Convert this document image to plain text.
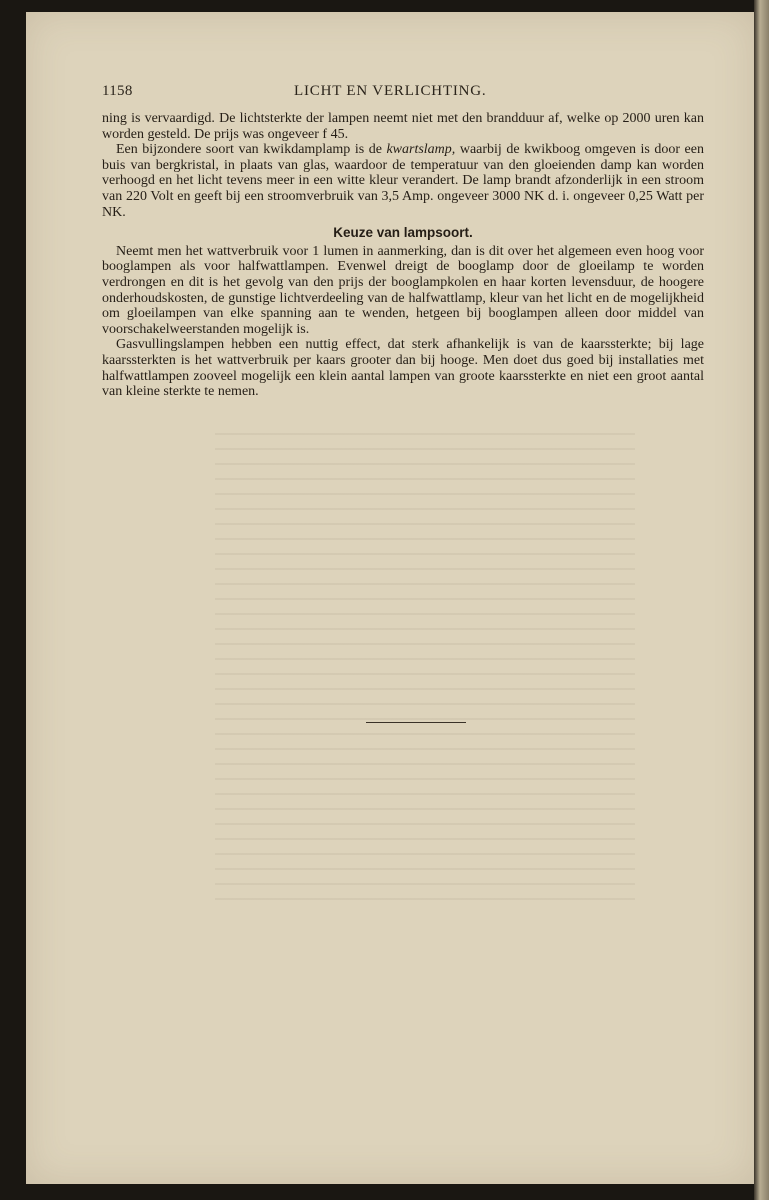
1158	LICHT EN VERLICHTING.

ning is vervaardigd. De lichtsterkte der lampen neemt niet met den brandduur af, welke op 2000 uren kan worden gesteld. De prijs was ongeveer f 45.

Een bijzondere soort van kwikdamplamp is de kwartslamp, waarbij de kwikboog omgeven is door een buis van bergkristal, in plaats van glas, waardoor de temperatuur van den gloeienden damp kan worden verhoogd en het licht tevens meer in een witte kleur verandert. De lamp brandt afzonderlijk in een stroom van 220 Volt en geeft bij een stroomverbruik van 3,5 Amp. ongeveer 3000 NK d. i. ongeveer 0,25 Watt per NK.

Keuze van lampsoort.

Neemt men het wattverbruik voor 1 lumen in aanmerking, dan is dit over het algemeen even hoog voor booglampen als voor halfwattlampen. Evenwel dreigt de booglamp door de gloeilamp te worden verdrongen en dit is het gevolg van den prijs der booglampkolen en haar korten levensduur, de hoogere onderhoudskosten, de gunstige lichtverdeeling van de halfwattlamp, kleur van het licht en de mogelijkheid om gloeilampen van elke spanning aan te wenden, hetgeen bij booglampen alleen door middel van voorschakelweerstanden mogelijk is.

Gasvullingslampen hebben een nuttig effect, dat sterk afhankelijk is van de kaarssterkte; bij lage kaarssterkten is het wattverbruik per kaars grooter dan bij hooge. Men doet dus goed bij installaties met halfwattlampen zooveel mogelijk een klein aantal lampen van groote kaarssterkte en niet een groot aantal van kleine sterkte te nemen.
